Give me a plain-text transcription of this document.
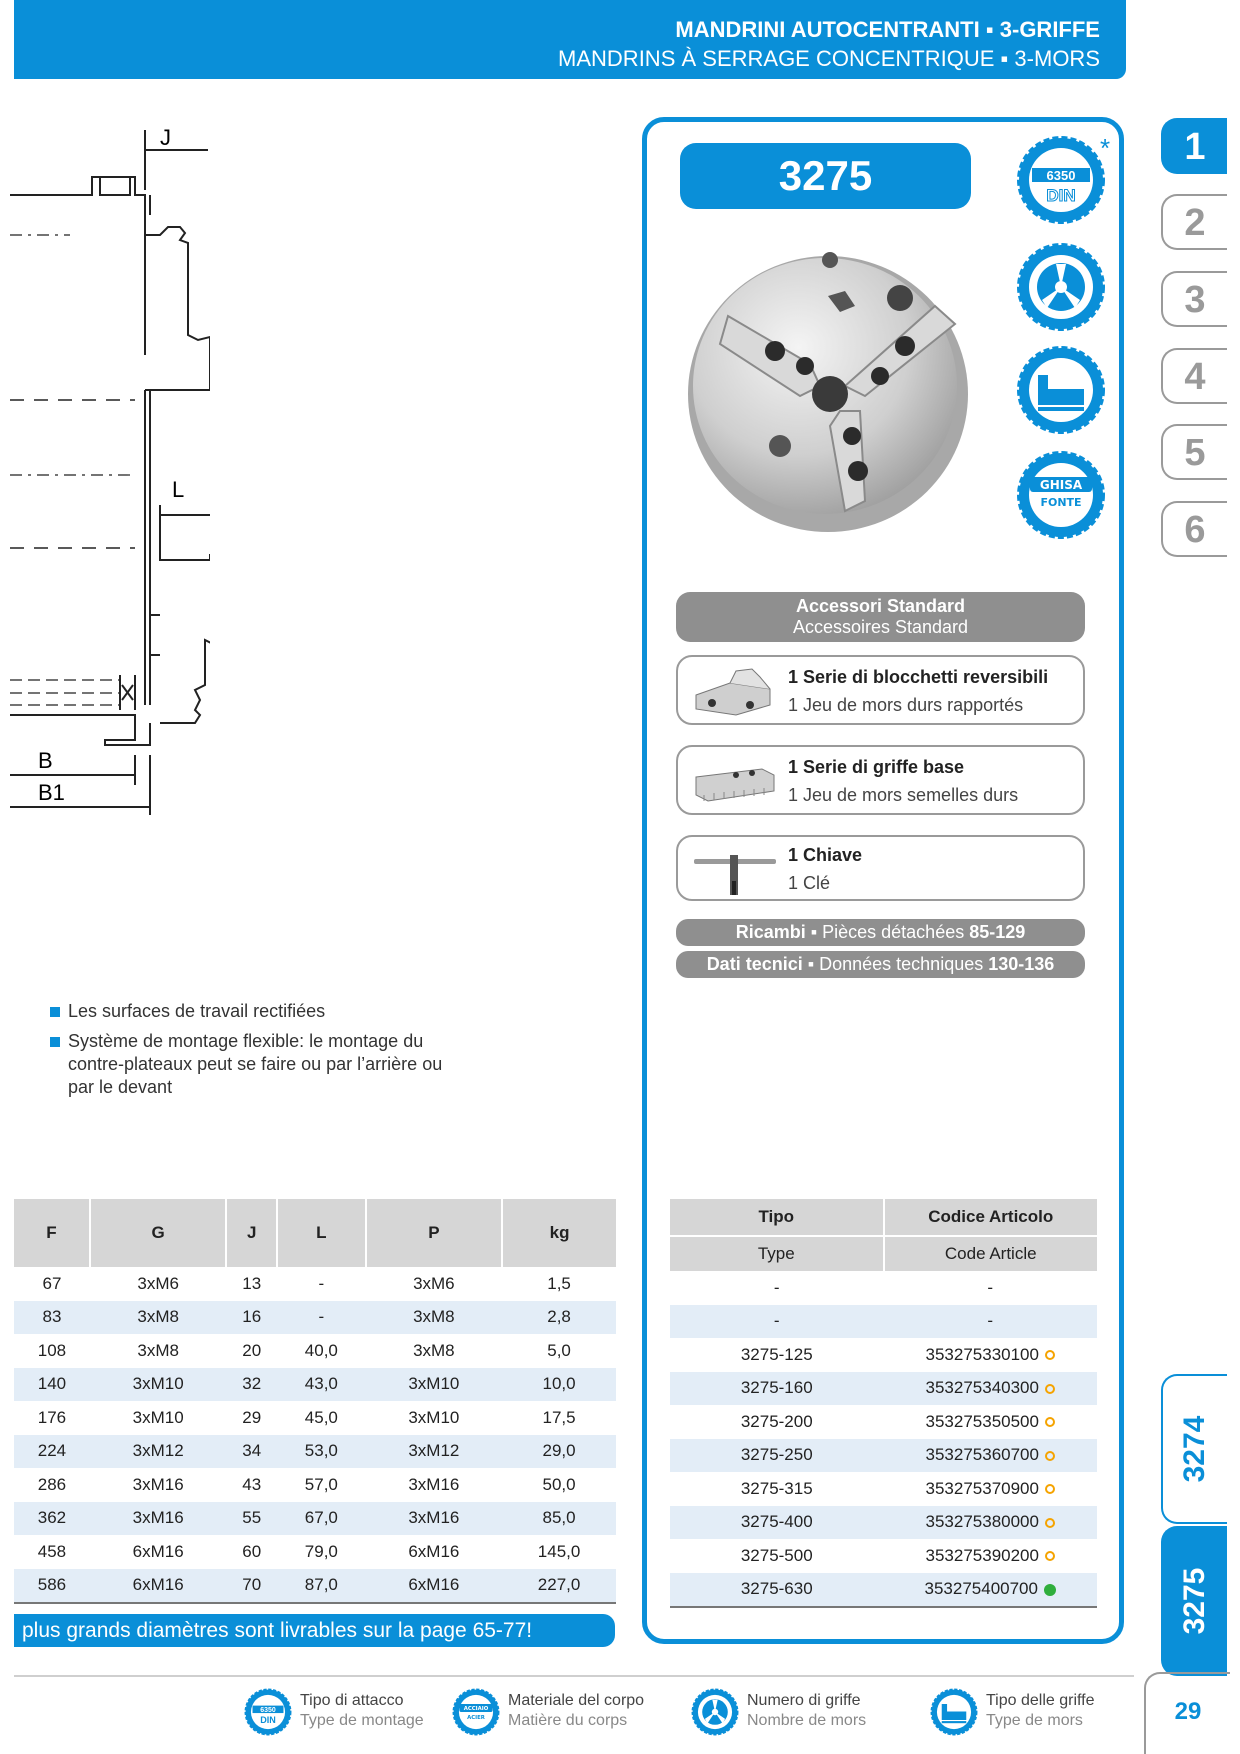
MANDRINI AUTOCENTRANTI ▪ 3-GRIFFE
MANDRINS À SERRAGE CONCENTRIQUE ▪ 3-MORS
J
L
B
B1
Les surfaces de travail rectifiées
Système de montage flexible: le montage du contre-plateaux peut se faire ou par l’arrière ou par le devant
3275
*
6350
DIN
GHISA
FONTE
Accessori Standard
Accessoires Standard
1 Serie di blocchetti reversibili
1 Jeu de mors durs rapportés
1 Serie di griffe base
1 Jeu de mors semelles durs
1 Chiave
1 Clé
Ricambi ▪ Pièces détachées 85-129
Dati tecnici ▪ Données techniques 130-136
F	G	J	L	P	kg
67	3xM6	13	-	3xM6	1,5
83	3xM8	16	-	3xM8	2,8
108	3xM8	20	40,0	3xM8	5,0
140	3xM10	32	43,0	3xM10	10,0
176	3xM10	29	45,0	3xM10	17,5
224	3xM12	34	53,0	3xM12	29,0
286	3xM16	43	57,0	3xM16	50,0
362	3xM16	55	67,0	3xM16	85,0
458	6xM16	60	79,0	6xM16	145,0
586	6xM16	70	87,0	6xM16	227,0
Tipo	Codice Articolo
Type	Code Article
-	-
-	-
3275-125	353275330100
3275-160	353275340300
3275-200	353275350500
3275-250	353275360700
3275-315	353275370900
3275-400	353275380000
3275-500	353275390200
3275-630	353275400700
plus grands diamètres sont livrables sur la page 65-77!
1
2
3
4
5
6
3274
3275
6350
DIN
Tipo di attacco
Type de montage
ACCIAIO
ACIER
Materiale del corpo
Matière du corps
Numero di griffe
Nombre de mors
Tipo delle griffe
Type de mors	29
